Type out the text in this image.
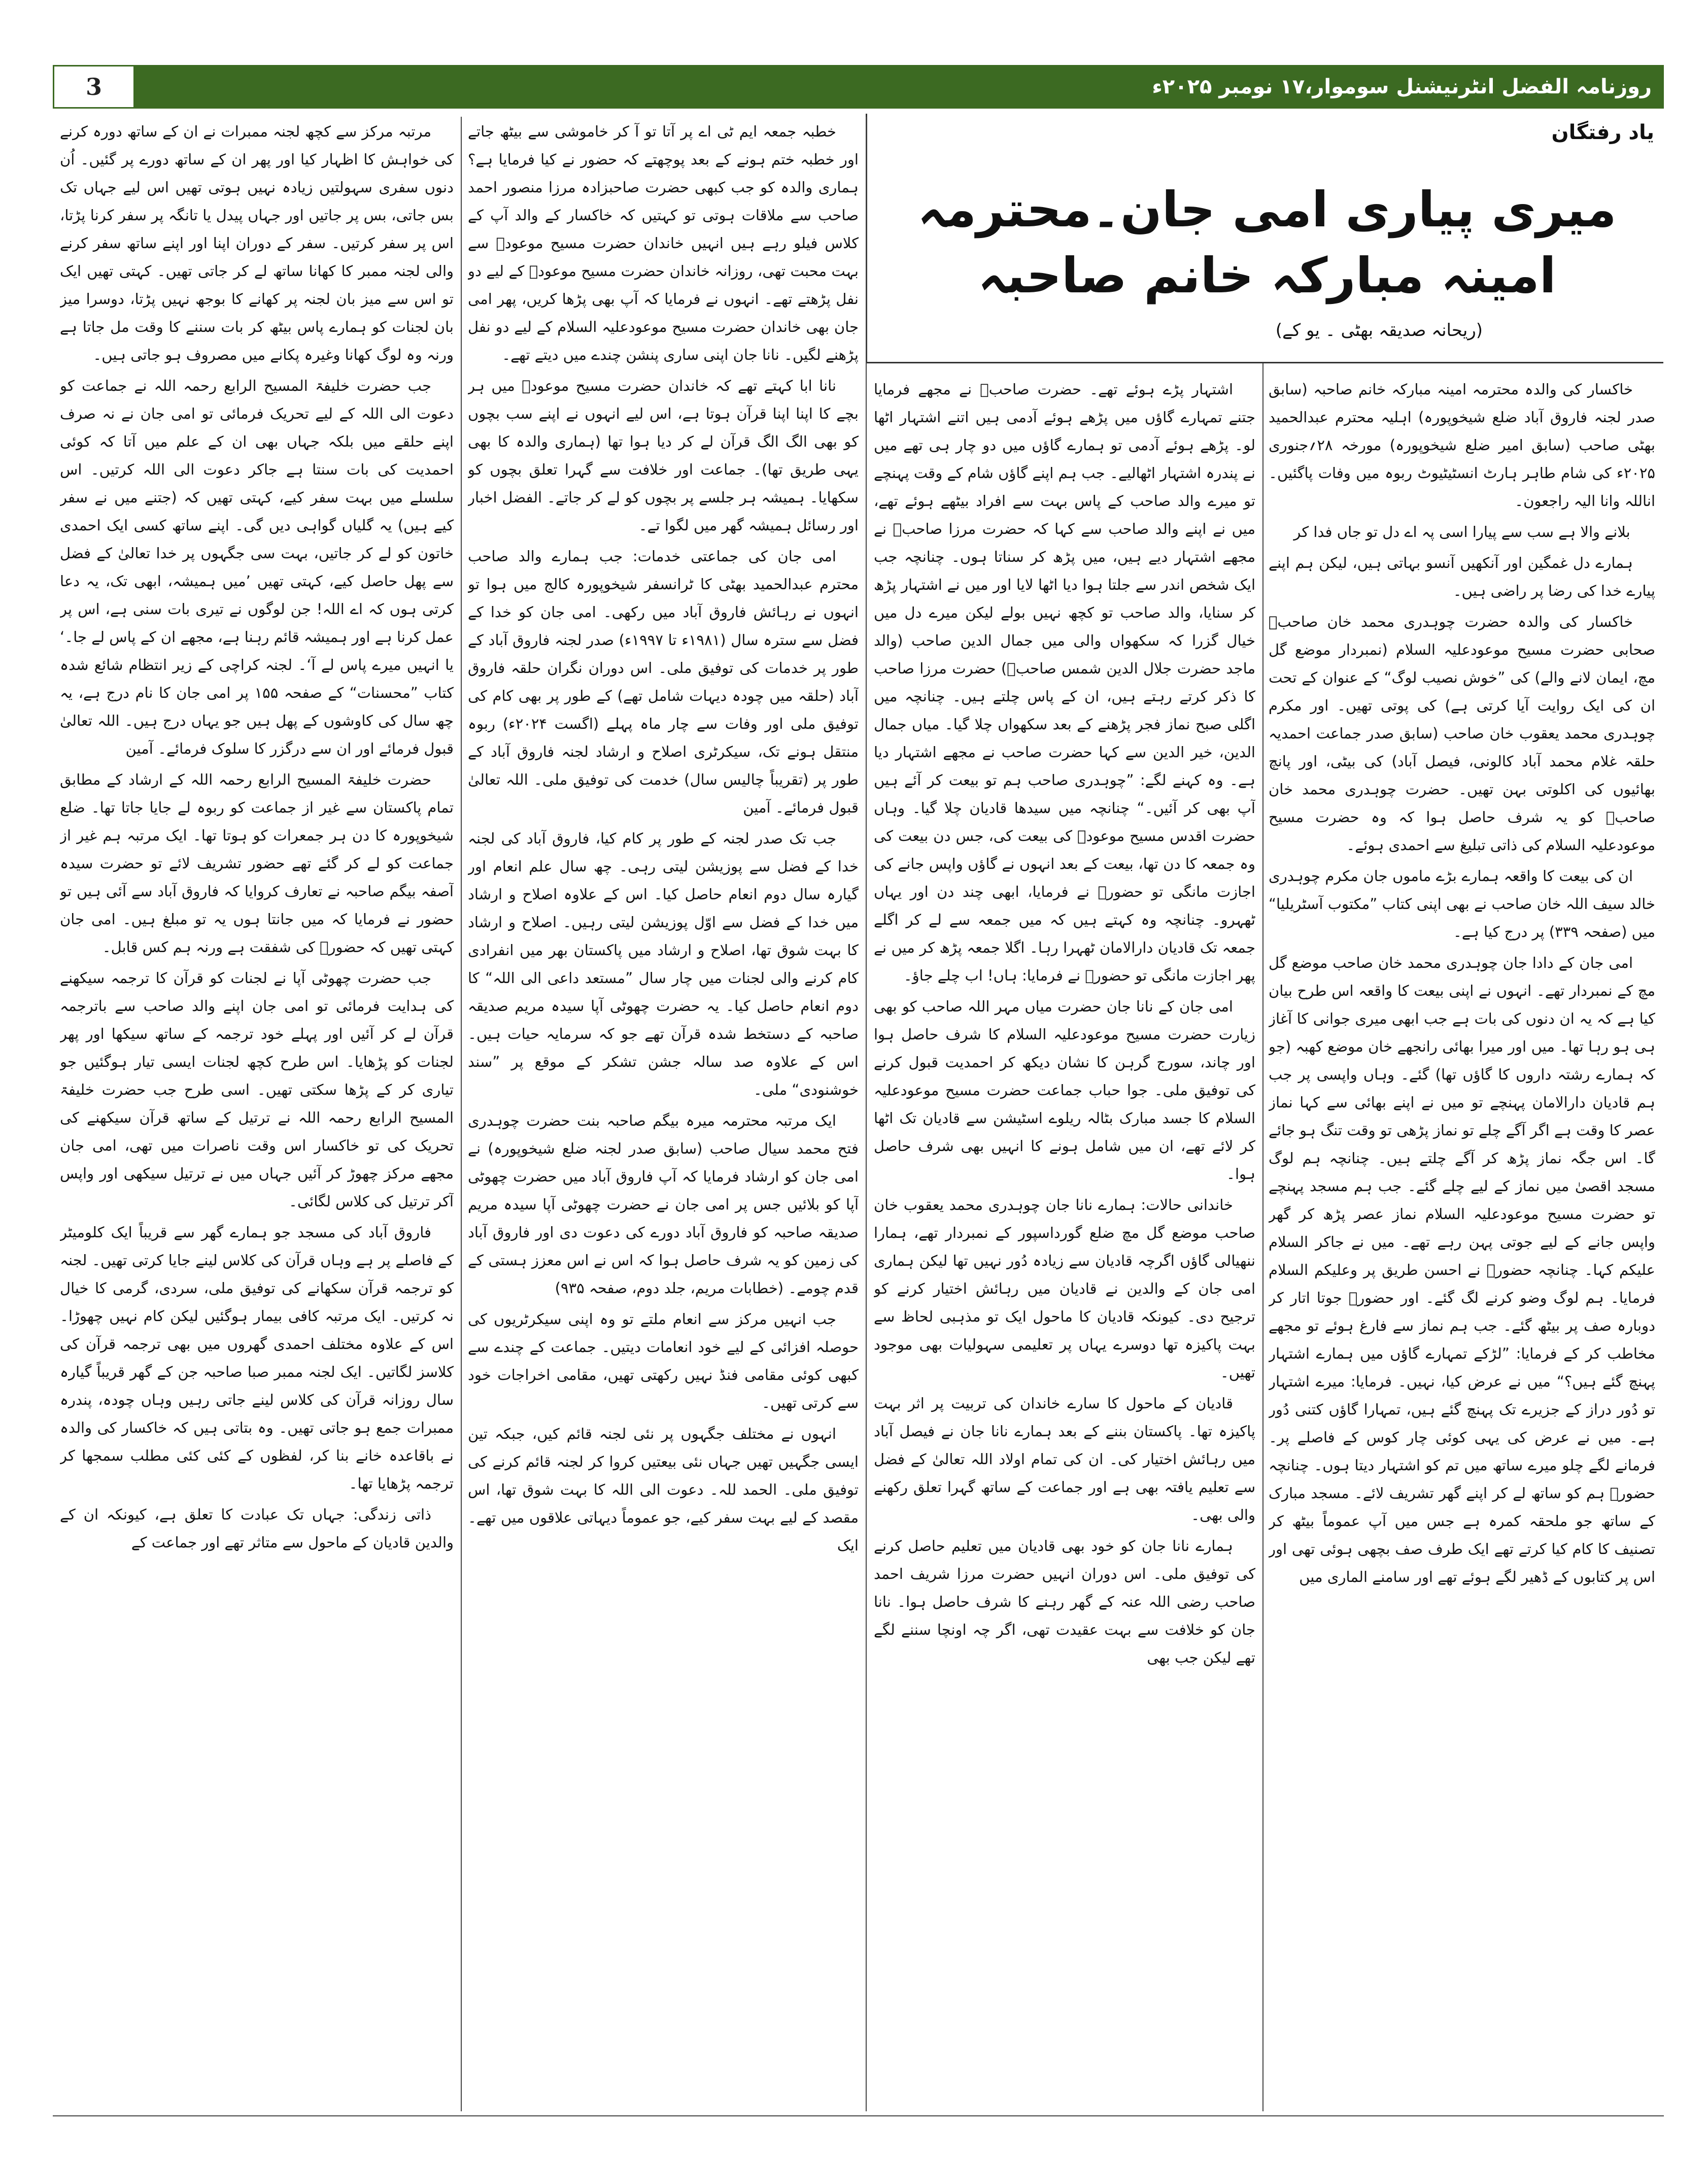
3	روزنامہ الفضل انٹرنیشنل سوموار،۱۷ نومبر ۲۰۲۵ء
یاد رفتگان
میری پیاری امی جان۔محترمہ امینہ مبارکہ خانم صاحبہ
(ریحانہ صدیقہ بھٹی ۔ یو کے)

خاکسار کی والدہ محترمہ امینہ مبارکہ خانم صاحبہ (سابق صدر لجنہ فاروق آباد ضلع شیخوپورہ) اہلیہ محترم عبدالحمید بھٹی صاحب (سابق امیر ضلع شیخوپورہ) مورخہ ۲۸؍جنوری ۲۰۲۵ء کی شام طاہر ہارٹ انسٹیٹیوٹ ربوہ میں وفات پاگئیں۔ اناللہ وانا الیہ راجعون۔

بلانے والا ہے سب سے پیارا اسی پہ اے دل تو جاں فدا کر

ہمارے دل غمگین اور آنکھیں آنسو بہاتی ہیں، لیکن ہم اپنے پیارے خدا کی رضا پر راضی ہیں۔

خاکسار کی والدہ حضرت چوہدری محمد خان صاحبؓ صحابی حضرت مسیح موعودعلیہ السلام (نمبردار موضع گل مچ، ایمان لانے والے) کی ”خوش نصیب لوگ“ کے عنوان کے تحت ان کی ایک روایت آیا کرتی ہے) کی پوتی تھیں۔ اور مکرم چوہدری محمد یعقوب خان صاحب (سابق صدر جماعت احمدیہ حلقہ غلام محمد آباد کالونی، فیصل آباد) کی بیٹی، اور پانچ بھائیوں کی اکلوتی بہن تھیں۔ حضرت چوہدری محمد خان صاحبؓ کو یہ شرف حاصل ہوا کہ وہ حضرت مسیح موعودعلیہ السلام کی ذاتی تبلیغ سے احمدی ہوئے۔

ان کی بیعت کا واقعہ ہمارے بڑے ماموں جان مکرم چوہدری خالد سیف اللہ خان صاحب نے بھی اپنی کتاب ”مکتوب آسٹریلیا“ میں (صفحہ ۳۳۹) پر درج کیا ہے۔

امی جان کے دادا جان چوہدری محمد خان صاحب موضع گل مچ کے نمبردار تھے۔ انہوں نے اپنی بیعت کا واقعہ اس طرح بیان کیا ہے کہ یہ ان دنوں کی بات ہے جب ابھی میری جوانی کا آغاز ہی ہو رہا تھا۔ میں اور میرا بھائی رانجھے خان موضع کھبہ (جو کہ ہمارے رشتہ داروں کا گاؤں تھا) گئے۔ وہاں واپسی پر جب ہم قادیان دارالامان پہنچے تو میں نے اپنے بھائی سے کہا نماز عصر کا وقت ہے اگر آگے چلے تو نماز پڑھی تو وقت تنگ ہو جائے گا۔ اس جگہ نماز پڑھ کر آگے چلتے ہیں۔ چنانچہ ہم لوگ مسجد اقصیٰ میں نماز کے لیے چلے گئے۔ جب ہم مسجد پہنچے تو حضرت مسیح موعودعلیہ السلام نماز عصر پڑھ کر گھر واپس جانے کے لیے جوتی پہن رہے تھے۔ میں نے جاکر السلام علیکم کہا۔ چنانچہ حضورؑ نے احسن طریق پر وعلیکم السلام فرمایا۔ ہم لوگ وضو کرنے لگ گئے۔ اور حضورؑ جوتا اتار کر دوبارہ صف پر بیٹھ گئے۔ جب ہم نماز سے فارغ ہوئے تو مجھے مخاطب کر کے فرمایا: ”لڑکے تمہارے گاؤں میں ہمارے اشتہار پہنچ گئے ہیں؟“ میں نے عرض کیا، نہیں۔ فرمایا: میرے اشتہار تو دُور دراز کے جزیرے تک پہنچ گئے ہیں، تمہارا گاؤں کتنی دُور ہے۔ میں نے عرض کی یہی کوئی چار کوس کے فاصلے پر۔ فرمانے لگے چلو میرے ساتھ میں تم کو اشتہار دیتا ہوں۔ چنانچہ حضورؑ ہم کو ساتھ لے کر اپنے گھر تشریف لائے۔ مسجد مبارک کے ساتھ جو ملحقہ کمرہ ہے جس میں آپ عموماً بیٹھ کر تصنیف کا کام کیا کرتے تھے ایک طرف صف بچھی ہوئی تھی اور اس پر کتابوں کے ڈھیر لگے ہوئے تھے اور سامنے الماری میں

اشتہار پڑے ہوئے تھے۔ حضرت صاحبؑ نے مجھے فرمایا جتنے تمہارے گاؤں میں پڑھے ہوئے آدمی ہیں اتنے اشتہار اٹھا لو۔ پڑھے ہوئے آدمی تو ہمارے گاؤں میں دو چار ہی تھے میں نے پندرہ اشتہار اٹھالیے۔ جب ہم اپنے گاؤں شام کے وقت پہنچے تو میرے والد صاحب کے پاس بہت سے افراد بیٹھے ہوئے تھے، میں نے اپنے والد صاحب سے کہا کہ حضرت مرزا صاحبؑ نے مجھے اشتہار دیے ہیں، میں پڑھ کر سناتا ہوں۔ چنانچہ جب ایک شخص اندر سے جلتا ہوا دیا اٹھا لایا اور میں نے اشتہار پڑھ کر سنایا، والد صاحب تو کچھ نہیں بولے لیکن میرے دل میں خیال گزرا کہ سکھواں والی میں جمال الدین صاحب (والد ماجد حضرت جلال الدین شمس صاحبؓ) حضرت مرزا صاحب کا ذکر کرتے رہتے ہیں، ان کے پاس چلتے ہیں۔ چنانچہ میں اگلی صبح نماز فجر پڑھنے کے بعد سکھواں چلا گیا۔ میاں جمال الدین، خیر الدین سے کہا حضرت صاحب نے مجھے اشتہار دیا ہے۔ وہ کہنے لگے: ”چوہدری صاحب ہم تو بیعت کر آئے ہیں آپ بھی کر آئیں۔“ چنانچہ میں سیدھا قادیان چلا گیا۔ وہاں حضرت اقدس مسیح موعودؑ کی بیعت کی، جس دن بیعت کی وہ جمعہ کا دن تھا، بیعت کے بعد انہوں نے گاؤں واپس جانے کی اجازت مانگی تو حضورؑ نے فرمایا، ابھی چند دن اور یہاں ٹھہرو۔ چنانچہ وہ کہتے ہیں کہ میں جمعہ سے لے کر اگلے جمعہ تک قادیان دارالامان ٹھہرا رہا۔ اگلا جمعہ پڑھ کر میں نے پھر اجازت مانگی تو حضورؑ نے فرمایا: ہاں! اب چلے جاؤ۔

امی جان کے نانا جان حضرت میاں مہر اللہ صاحب کو بھی زیارت حضرت مسیح موعودعلیہ السلام کا شرف حاصل ہوا اور چاند، سورج گرہن کا نشان دیکھ کر احمدیت قبول کرنے کی توفیق ملی۔ جوا حباب جماعت حضرت مسیح موعودعلیہ السلام کا جسد مبارک بٹالہ ریلوے اسٹیشن سے قادیان تک اٹھا کر لائے تھے، ان میں شامل ہونے کا انہیں بھی شرف حاصل ہوا۔

خاندانی حالات: ہمارے نانا جان چوہدری محمد یعقوب خان صاحب موضع گل مچ ضلع گورداسپور کے نمبردار تھے، ہمارا ننھیالی گاؤں اگرچہ قادیان سے زیادہ دُور نہیں تھا لیکن ہماری امی جان کے والدین نے قادیان میں رہائش اختیار کرنے کو ترجیح دی۔ کیونکہ قادیان کا ماحول ایک تو مذہبی لحاظ سے بہت پاکیزہ تھا دوسرے یہاں پر تعلیمی سہولیات بھی موجود تھیں۔

قادیان کے ماحول کا سارے خاندان کی تربیت پر اثر بہت پاکیزہ تھا۔ پاکستان بننے کے بعد ہمارے نانا جان نے فیصل آباد میں رہائش اختیار کی۔ ان کی تمام اولاد اللہ تعالیٰ کے فضل سے تعلیم یافتہ بھی ہے اور جماعت کے ساتھ گہرا تعلق رکھنے والی بھی۔

ہمارے نانا جان کو خود بھی قادیان میں تعلیم حاصل کرنے کی توفیق ملی۔ اس دوران انہیں حضرت مرزا شریف احمد صاحب رضی اللہ عنہ کے گھر رہنے کا شرف حاصل ہوا۔ نانا جان کو خلافت سے بہت عقیدت تھی، اگر چہ اونچا سننے لگے تھے لیکن جب بھی

خطبہ جمعہ ایم ٹی اے پر آتا تو آ کر خاموشی سے بیٹھ جاتے اور خطبہ ختم ہونے کے بعد پوچھتے کہ حضور نے کیا فرمایا ہے؟ ہماری والدہ کو جب کبھی حضرت صاحبزادہ مرزا منصور احمد صاحب سے ملاقات ہوتی تو کہتیں کہ خاکسار کے والد آپ کے کلاس فیلو رہے ہیں انہیں خاندان حضرت مسیح موعودؑ سے بہت محبت تھی، روزانہ خاندان حضرت مسیح موعودؑ کے لیے دو نفل پڑھتے تھے۔ انہوں نے فرمایا کہ آپ بھی پڑھا کریں، پھر امی جان بھی خاندان حضرت مسیح موعودعلیہ السلام کے لیے دو نفل پڑھنے لگیں۔ نانا جان اپنی ساری پنشن چندے میں دیتے تھے۔

نانا ابا کہتے تھے کہ خاندان حضرت مسیح موعودؑ میں ہر بچے کا اپنا اپنا قرآن ہوتا ہے، اس لیے انہوں نے اپنے سب بچوں کو بھی الگ الگ قرآن لے کر دیا ہوا تھا (ہماری والدہ کا بھی یہی طریق تھا)۔ جماعت اور خلافت سے گہرا تعلق بچوں کو سکھایا۔ ہمیشہ ہر جلسے پر بچوں کو لے کر جاتے۔ الفضل اخبار اور رسائل ہمیشہ گھر میں لگوا تے۔

امی جان کی جماعتی خدمات: جب ہمارے والد صاحب محترم عبدالحمید بھٹی کا ٹرانسفر شیخوپورہ کالج میں ہوا تو انہوں نے رہائش فاروق آباد میں رکھی۔ امی جان کو خدا کے فضل سے سترہ سال (۱۹۸۱ء تا ۱۹۹۷ء) صدر لجنہ فاروق آباد کے طور پر خدمات کی توفیق ملی۔ اس دوران نگران حلقہ فاروق آباد (حلقہ میں چودہ دیہات شامل تھے) کے طور پر بھی کام کی توفیق ملی اور وفات سے چار ماہ پہلے (اگست ۲۰۲۴ء) ربوہ منتقل ہونے تک، سیکرٹری اصلاح و ارشاد لجنہ فاروق آباد کے طور پر (تقریباً چالیس سال) خدمت کی توفیق ملی۔ اللہ تعالیٰ قبول فرمائے۔ آمین

جب تک صدر لجنہ کے طور پر کام کیا، فاروق آباد کی لجنہ خدا کے فضل سے پوزیشن لیتی رہی۔ چھ سال علم انعام اور گیارہ سال دوم انعام حاصل کیا۔ اس کے علاوہ اصلاح و ارشاد میں خدا کے فضل سے اوّل پوزیشن لیتی رہیں۔ اصلاح و ارشاد کا بہت شوق تھا، اصلاح و ارشاد میں پاکستان بھر میں انفرادی کام کرنے والی لجنات میں چار سال ”مستعد داعی الی اللہ“ کا دوم انعام حاصل کیا۔ یہ حضرت چھوٹی آپا سیدہ مریم صدیقہ صاحبہ کے دستخط شدہ قرآن تھے جو کہ سرمایہ حیات ہیں۔ اس کے علاوہ صد سالہ جشن تشکر کے موقع پر ”سند خوشنودی“ ملی۔

ایک مرتبہ محترمہ میرہ بیگم صاحبہ بنت حضرت چوہدری فتح محمد سیال صاحب (سابق صدر لجنہ ضلع شیخوپورہ) نے امی جان کو ارشاد فرمایا کہ آپ فاروق آباد میں حضرت چھوٹی آپا کو بلائیں جس پر امی جان نے حضرت چھوٹی آپا سیدہ مریم صدیقہ صاحبہ کو فاروق آباد دورے کی دعوت دی اور فاروق آباد کی زمین کو یہ شرف حاصل ہوا کہ اس نے اس معزز ہستی کے قدم چومے۔ (خطابات مریم، جلد دوم، صفحہ ۹۳۵)

جب انہیں مرکز سے انعام ملتے تو وہ اپنی سیکرٹریوں کی حوصلہ افزائی کے لیے خود انعامات دیتیں۔ جماعت کے چندے سے کبھی کوئی مقامی فنڈ نہیں رکھتی تھیں، مقامی اخراجات خود سے کرتی تھیں۔

انہوں نے مختلف جگہوں پر نئی لجنہ قائم کیں، جبکہ تین ایسی جگہیں تھیں جہاں نئی بیعتیں کروا کر لجنہ قائم کرنے کی توفیق ملی۔ الحمد للہ۔ دعوت الی اللہ کا بہت شوق تھا، اس مقصد کے لیے بہت سفر کیے، جو عموماً دیہاتی علاقوں میں تھے۔ ایک

مرتبہ مرکز سے کچھ لجنہ ممبرات نے ان کے ساتھ دورہ کرنے کی خواہش کا اظہار کیا اور پھر ان کے ساتھ دورے پر گئیں۔ اُن دنوں سفری سہولتیں زیادہ نہیں ہوتی تھیں اس لیے جہاں تک بس جاتی، بس پر جاتیں اور جہاں پیدل یا تانگہ پر سفر کرنا پڑتا، اس پر سفر کرتیں۔ سفر کے دوران اپنا اور اپنے ساتھ سفر کرنے والی لجنہ ممبر کا کھانا ساتھ لے کر جاتی تھیں۔ کہتی تھیں ایک تو اس سے میز بان لجنہ پر کھانے کا بوجھ نہیں پڑتا، دوسرا میز بان لجنات کو ہمارے پاس بیٹھ کر بات سننے کا وقت مل جاتا ہے ورنہ وہ لوگ کھانا وغیرہ پکانے میں مصروف ہو جاتی ہیں۔

جب حضرت خلیفۃ المسیح الرابع رحمہ اللہ نے جماعت کو دعوت الی اللہ کے لیے تحریک فرمائی تو امی جان نے نہ صرف اپنے حلقے میں بلکہ جہاں بھی ان کے علم میں آتا کہ کوئی احمدیت کی بات سنتا ہے جاکر دعوت الی اللہ کرتیں۔ اس سلسلے میں بہت سفر کیے، کہتی تھیں کہ (جتنے میں نے سفر کیے ہیں) یہ گلیاں گواہی دیں گی۔ اپنے ساتھ کسی ایک احمدی خاتون کو لے کر جاتیں، بہت سی جگہوں پر خدا تعالیٰ کے فضل سے پھل حاصل کیے، کہتی تھیں ’میں ہمیشہ، ابھی تک، یہ دعا کرتی ہوں کہ اے اللہ! جن لوگوں نے تیری بات سنی ہے، اس پر عمل کرنا ہے اور ہمیشہ قائم رہنا ہے، مجھے ان کے پاس لے جا۔‘ یا انہیں میرے پاس لے آ‘۔ لجنہ کراچی کے زیر انتظام شائع شدہ کتاب ”محسنات“ کے صفحہ ۱۵۵ پر امی جان کا نام درج ہے، یہ چھ سال کی کاوشوں کے پھل ہیں جو یہاں درج ہیں۔ اللہ تعالیٰ قبول فرمائے اور ان سے درگزر کا سلوک فرمائے۔ آمین

حضرت خلیفۃ المسیح الرابع رحمہ اللہ کے ارشاد کے مطابق تمام پاکستان سے غیر از جماعت کو ربوہ لے جایا جاتا تھا۔ ضلع شیخوپورہ کا دن ہر جمعرات کو ہوتا تھا۔ ایک مرتبہ ہم غیر از جماعت کو لے کر گئے تھے حضور تشریف لائے تو حضرت سیدہ آصفہ بیگم صاحبہ نے تعارف کروایا کہ فاروق آباد سے آئی ہیں تو حضور نے فرمایا کہ میں جانتا ہوں یہ تو مبلغ ہیں۔ امی جان کہتی تھیں کہ حضورؒ کی شفقت ہے ورنہ ہم کس قابل۔

جب حضرت چھوٹی آپا نے لجنات کو قرآن کا ترجمہ سیکھنے کی ہدایت فرمائی تو امی جان اپنے والد صاحب سے باترجمہ قرآن لے کر آئیں اور پہلے خود ترجمہ کے ساتھ سیکھا اور پھر لجنات کو پڑھایا۔ اس طرح کچھ لجنات ایسی تیار ہوگئیں جو تیاری کر کے پڑھا سکتی تھیں۔ اسی طرح جب حضرت خلیفۃ المسیح الرابع رحمہ اللہ نے ترتیل کے ساتھ قرآن سیکھنے کی تحریک کی تو خاکسار اس وقت ناصرات میں تھی، امی جان مجھے مرکز چھوڑ کر آئیں جہاں میں نے ترتیل سیکھی اور واپس آکر ترتیل کی کلاس لگائی۔

فاروق آباد کی مسجد جو ہمارے گھر سے قریباً ایک کلومیٹر کے فاصلے پر ہے وہاں قرآن کی کلاس لینے جایا کرتی تھیں۔ لجنہ کو ترجمہ قرآن سکھانے کی توفیق ملی، سردی، گرمی کا خیال نہ کرتیں۔ ایک مرتبہ کافی بیمار ہوگئیں لیکن کام نہیں چھوڑا۔ اس کے علاوہ مختلف احمدی گھروں میں بھی ترجمہ قرآن کی کلاسز لگاتیں۔ ایک لجنہ ممبر صبا صاحبہ جن کے گھر قریباً گیارہ سال روزانہ قرآن کی کلاس لینے جاتی رہیں وہاں چودہ، پندرہ ممبرات جمع ہو جاتی تھیں۔ وہ بتاتی ہیں کہ خاکسار کی والدہ نے باقاعدہ خانے بنا کر، لفظوں کے کئی کئی مطلب سمجھا کر ترجمہ پڑھایا تھا۔

ذاتی زندگی: جہاں تک عبادت کا تعلق ہے، کیونکہ ان کے والدین قادیان کے ماحول سے متاثر تھے اور جماعت کے
